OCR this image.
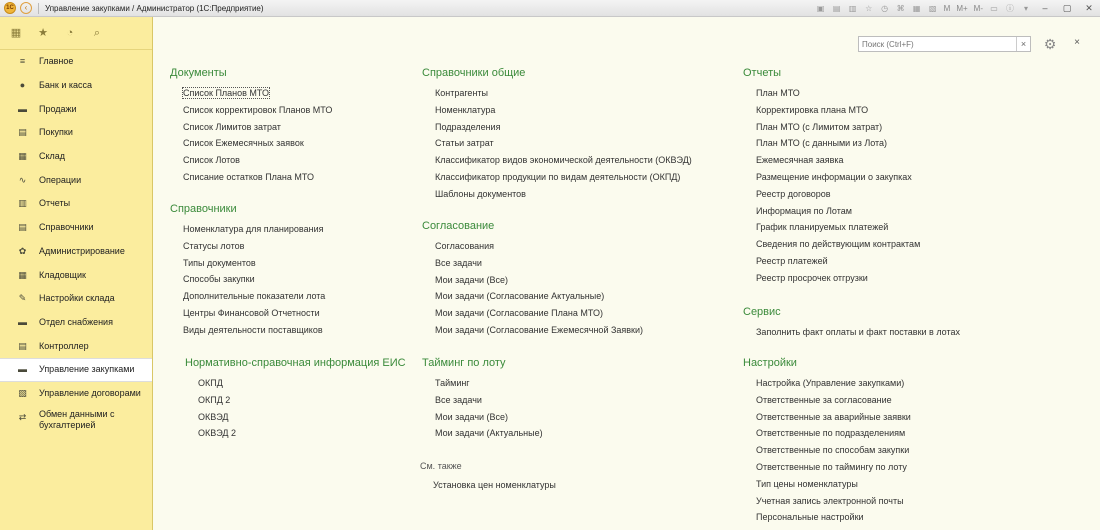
1С	‹	Управление закупками / Администратор (1С:Предприятие)	▣ ▤ ▥	☆	◷	⌘ ▦ ▧ M M+ M- ▭ ⓘ	▾	–	▢	✕
▦ ★	◔	⌕
≡	Главное
●	Банк и касса
▬ Продажи
▤ Покупки
▦ Склад
∿	Операции
▥ Отчеты
▤ Справочники
✿	Администрирование
▦ Кладовщик
✎	Настройки склада
▬ Отдел снабжения
▤ Контроллер
▬ Управление закупками
▧ Управление договорами
⇄	Обмен данными с бухгалтерией
Поиск (Ctrl+F)
× ⚙	×
Документы
Список Планов МТО
Список корректировок Планов МТО
Список Лимитов затрат
Список Ежемесячных заявок
Список Лотов
Списание остатков Плана МТО
Справочники
Номенклатура для планирования
Статусы лотов
Типы документов
Способы закупки
Дополнительные показатели лота
Центры Финансовой Отчетности
Виды деятельности поставщиков
Нормативно-справочная информация ЕИС
ОКПД
ОКПД 2
ОКВЭД
ОКВЭД 2
Справочники общие
Контрагенты
Номенклатура
Подразделения
Статьи затрат
Классификатор видов экономической деятельности (ОКВЭД)
Классификатор продукции по видам деятельности (ОКПД)
Шаблоны документов
Согласование
Согласования
Все задачи
Мои задачи (Все)
Мои задачи (Согласование Актуальные)
Мои задачи (Согласование Плана МТО)
Мои задачи (Согласование Ежемесячной Заявки)
Тайминг по лоту
Тайминг
Все задачи
Мои задачи (Все)
Мои задачи (Актуальные)
См. также
Установка цен номенклатуры
Отчеты
План МТО
Корректировка плана МТО
План МТО (с Лимитом затрат)
План МТО (с данными из Лота)
Ежемесячная заявка
Размещение информации о закупках
Реестр договоров
Информация по Лотам
График планируемых платежей
Сведения по действующим контрактам
Реестр платежей
Реестр просрочек отгрузки
Сервис
Заполнить факт оплаты и факт поставки в лотах
Настройки
Настройка (Управление закупками)
Ответственные за согласование
Ответственные за аварийные заявки
Ответственные по подразделениям
Ответственные по способам закупки
Ответственные по таймингу по лоту
Тип цены номенклатуры
Учетная запись электронной почты
Персональные настройки
